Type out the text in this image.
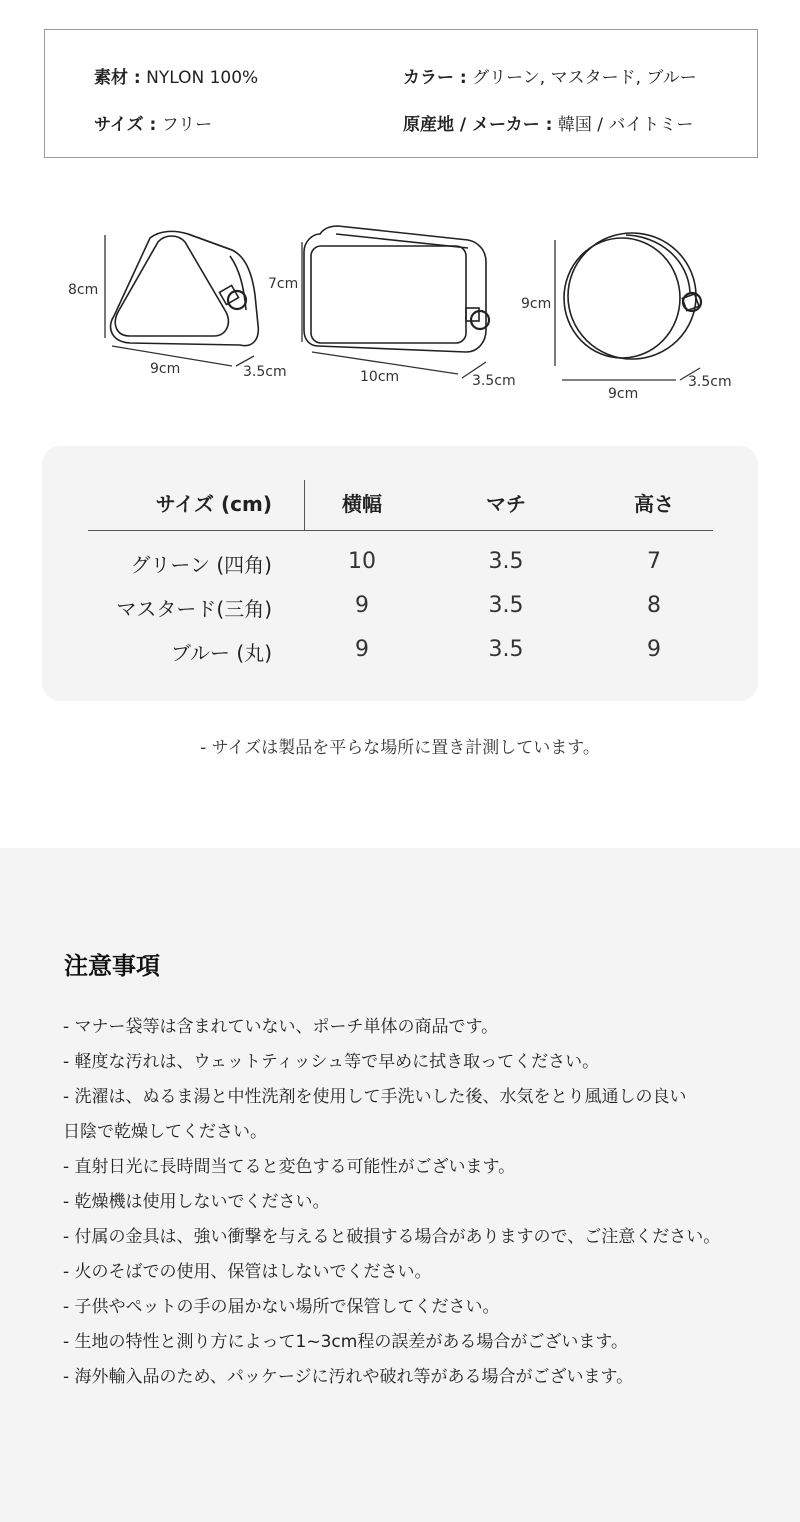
素材 : NYLON 100%	カラー : グリーン, マスタード, ブルー
サイズ : フリー	原産地 / メーカー : 韓国 / バイトミー
8cm
9cm	3.5cm
7cm
10cm	3.5cm
9cm
9cm
3.5cm
サイズ (cm)	横幅	マチ	高さ
グリーン (四角)	10	3.5	7
マスタード(三角)	9	3.5	8
ブルー (丸)	9	3.5	9
- サイズは製品を平らな場所に置き計測しています。
注意事項
- マナー袋等は含まれていない、ポーチ単体の商品です。
- 軽度な汚れは、ウェットティッシュ等で早めに拭き取ってください。
- 洗濯は、ぬるま湯と中性洗剤を使用して手洗いした後、水気をとり風通しの良い
日陰で乾燥してください。
- 直射日光に長時間当てると変色する可能性がございます。
- 乾燥機は使用しないでください。
- 付属の金具は、強い衝撃を与えると破損する場合がありますので、ご注意ください。
- 火のそばでの使用、保管はしないでください。
- 子供やペットの手の届かない場所で保管してください。
- 生地の特性と測り方によって1~3cm程の誤差がある場合がございます。
- 海外輸入品のため、パッケージに汚れや破れ等がある場合がございます。
